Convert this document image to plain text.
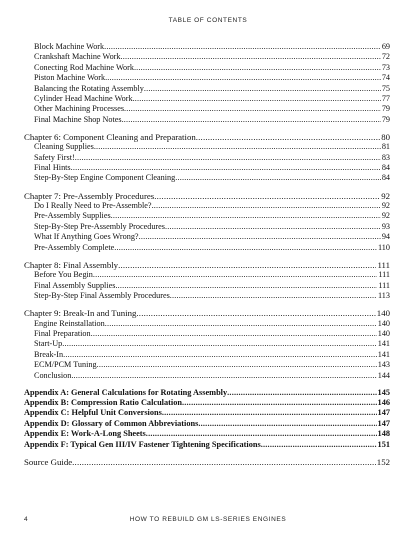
TABLE OF CONTENTS
Block Machine Work .....	69
Crankshaft Machine Work .....	72
Conecting Rod Machine Work .....	73
Piston Machine Work .....	74
Balancing the Rotating Assembly .....	75
Cylinder Head Machine Work .....	77
Other Machining Processes .....	79
Final Machine Shop Notes .....	79
Chapter 6: Component Cleaning and Preparation .....	80
Cleaning Supplies .....	81
Safety First! .....	83
Final Hints .....	84
Step-By-Step Engine Component Cleaning .....	84
Chapter 7: Pre-Assembly Procedures .....	92
Do I Really Need to Pre-Assemble? .....	92
Pre-Assembly Supplies .....	92
Step-By-Step Pre-Assembly Procedures .....	93
What If Anything Goes Wrong? .....	94
Pre-Assembly Complete .....	110
Chapter 8: Final Assembly .....	111
Before You Begin .....	111
Final Assembly Supplies .....	111
Step-By-Step Final Assembly Procedures .....	113
Chapter 9: Break-In and Tuning .....	140
Engine Reinstallation .....	140
Final Preparation .....	140
Start-Up .....	141
Break-In .....	141
ECM/PCM Tuning .....	143
Conclusion .....	144
Appendix A: General Calculations for Rotating Assembly .....	145
Appendix B: Compression Ratio Calculation .....	146
Appendix C: Helpful Unit Conversions .....	147
Appendix D: Glossary of Common Abbreviations .....	147
Appendix E: Work-A-Long Sheets .....	148
Appendix F: Typical Gen III/IV Fastener Tightening Specifications .....	151
Source Guide .....	152
4	HOW TO REBUILD GM LS-SERIES ENGINES
